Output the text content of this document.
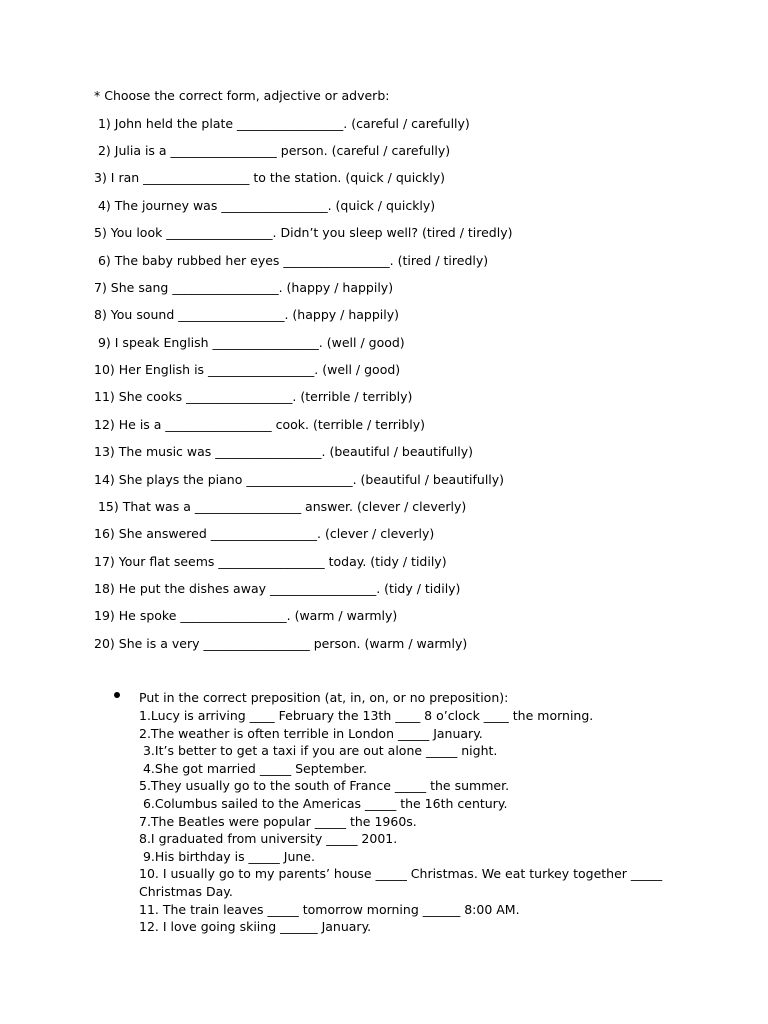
* Choose the correct form, adjective or adverb:
1) John held the plate _________________. (careful / carefully)
2) Julia is a _________________ person. (careful / carefully)
3) I ran _________________ to the station. (quick / quickly)
4) The journey was _________________. (quick / quickly)
5) You look _________________. Didn’t you sleep well? (tired / tiredly)
6) The baby rubbed her eyes _________________. (tired / tiredly)
7) She sang _________________. (happy / happily)
8) You sound _________________. (happy / happily)
9) I speak English _________________. (well / good)
10) Her English is _________________. (well / good)
11) She cooks _________________. (terrible / terribly)
12) He is a _________________ cook. (terrible / terribly)
13) The music was _________________. (beautiful / beautifully)
14) She plays the piano _________________. (beautiful / beautifully)
15) That was a _________________ answer. (clever / cleverly)
16) She answered _________________. (clever / cleverly)
17) Your flat seems _________________ today. (tidy / tidily)
18) He put the dishes away _________________. (tidy / tidily)
19) He spoke _________________. (warm / warmly)
20) She is a very _________________ person. (warm / warmly)
Put in the correct preposition (at, in, on, or no preposition):
1.Lucy is arriving ____ February the 13th ____ 8 o’clock ____ the morning.
2.The weather is often terrible in London _____ January.
3.It’s better to get a taxi if you are out alone _____ night.
4.She got married _____ September.
5.They usually go to the south of France _____ the summer.
6.Columbus sailed to the Americas _____ the 16th century.
7.The Beatles were popular _____ the 1960s.
8.I graduated from university _____ 2001.
9.His birthday is _____ June.
10. I usually go to my parents’ house _____ Christmas. We eat turkey together _____
Christmas Day.
11. The train leaves _____ tomorrow morning ______ 8:00 AM.
12. I love going skiing ______ January.
